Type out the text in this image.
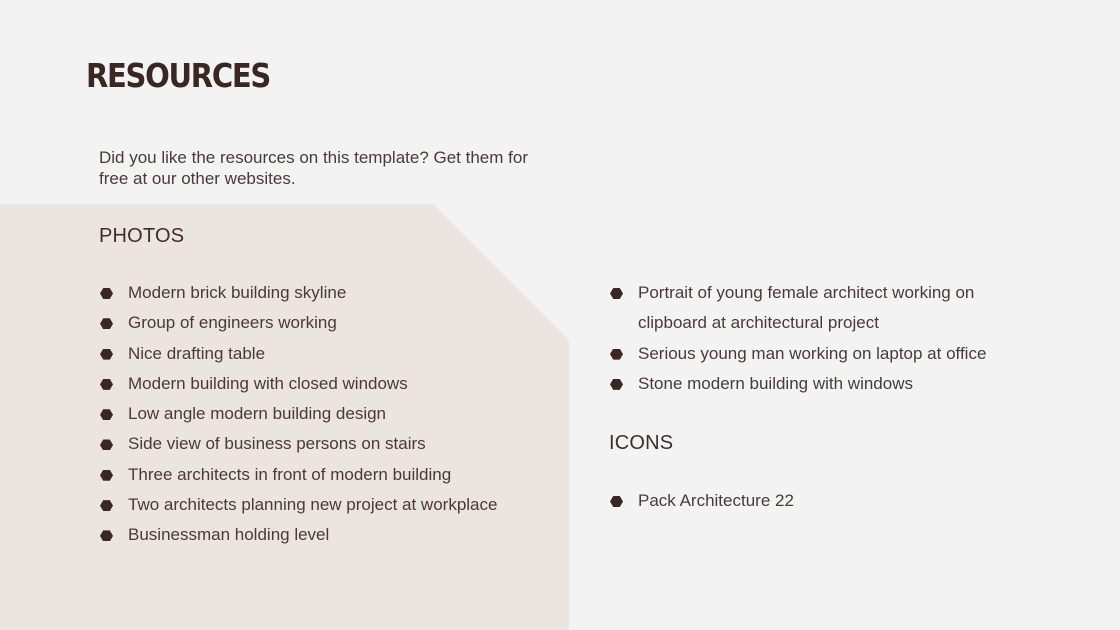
RESOURCES

Did you like the resources on this template? Get them for free at our other websites.

PHOTOS
Modern brick building skyline
Group of engineers working
Nice drafting table
Modern building with closed windows
Low angle modern building design
Side view of business persons on stairs
Three architects in front of modern building
Two architects planning new project at workplace
Businessman holding level
Portrait of young female architect working on clipboard at architectural project
Serious young man working on laptop at office
Stone modern building with windows
ICONS
Pack Architecture 22
